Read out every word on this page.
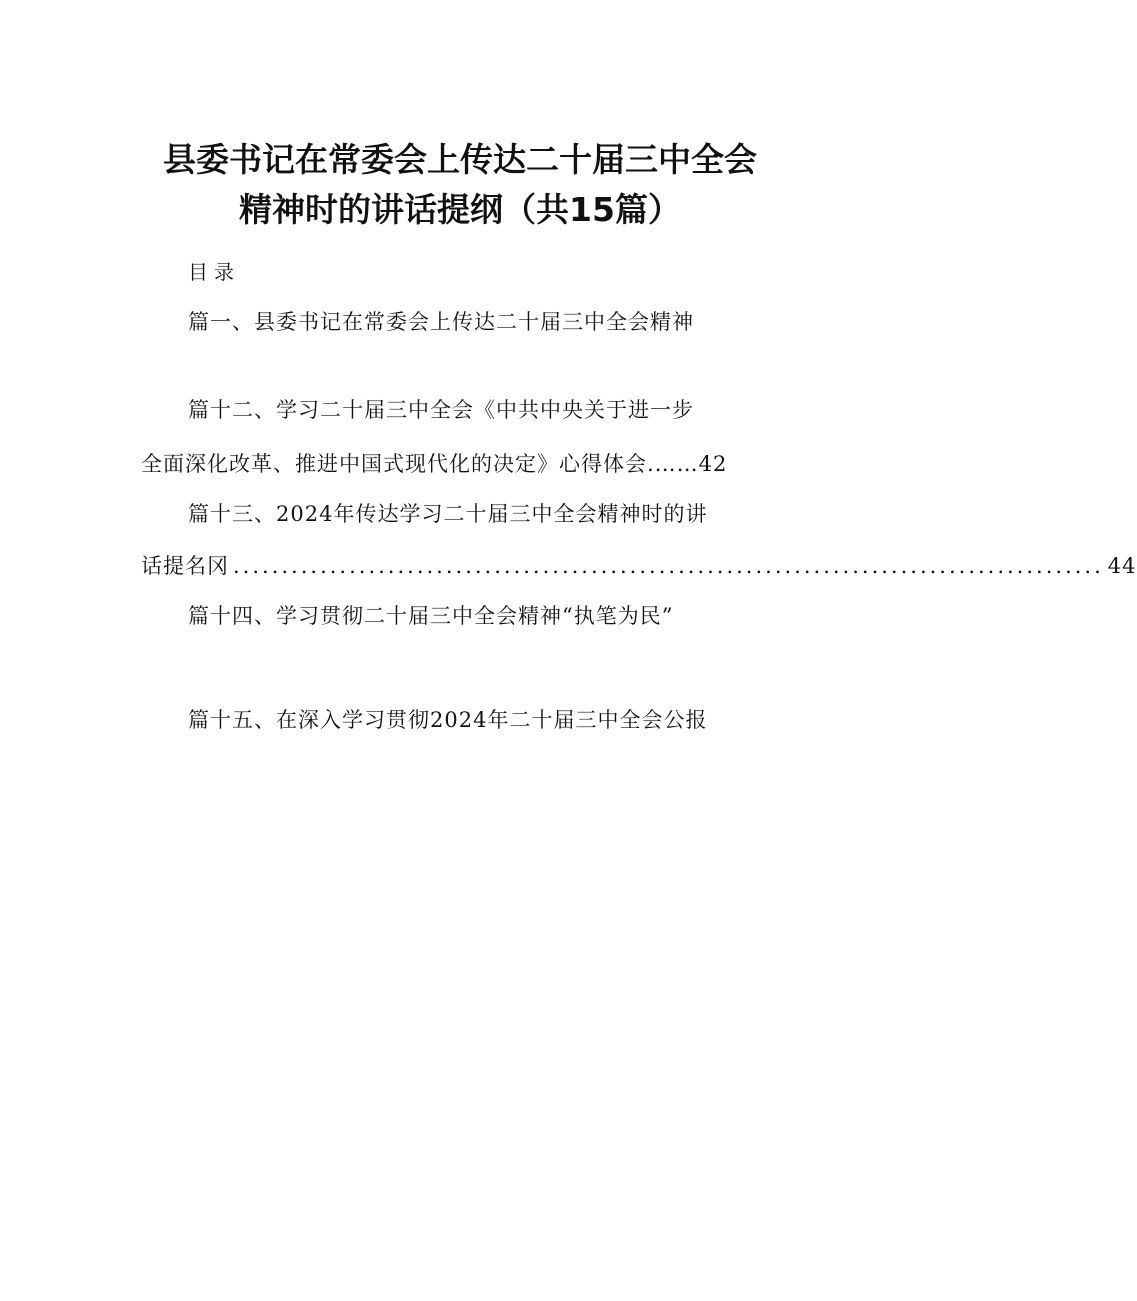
县委书记在常委会上传达二十届三中全会
精神时的讲话提纲（共15篇）
目录
篇一、县委书记在常委会上传达二十届三中全会精神
篇十二、学习二十届三中全会《中共中央关于进一步
全面深化改革、推进中国式现代化的决定》心得体会.……42
篇十三、2024年传达学习二十届三中全会精神时的讲
话提名冈 .......................................................................................... 44
篇十四、学习贯彻二十届三中全会精神“执笔为民”
篇十五、在深入学习贯彻2024年二十届三中全会公报
